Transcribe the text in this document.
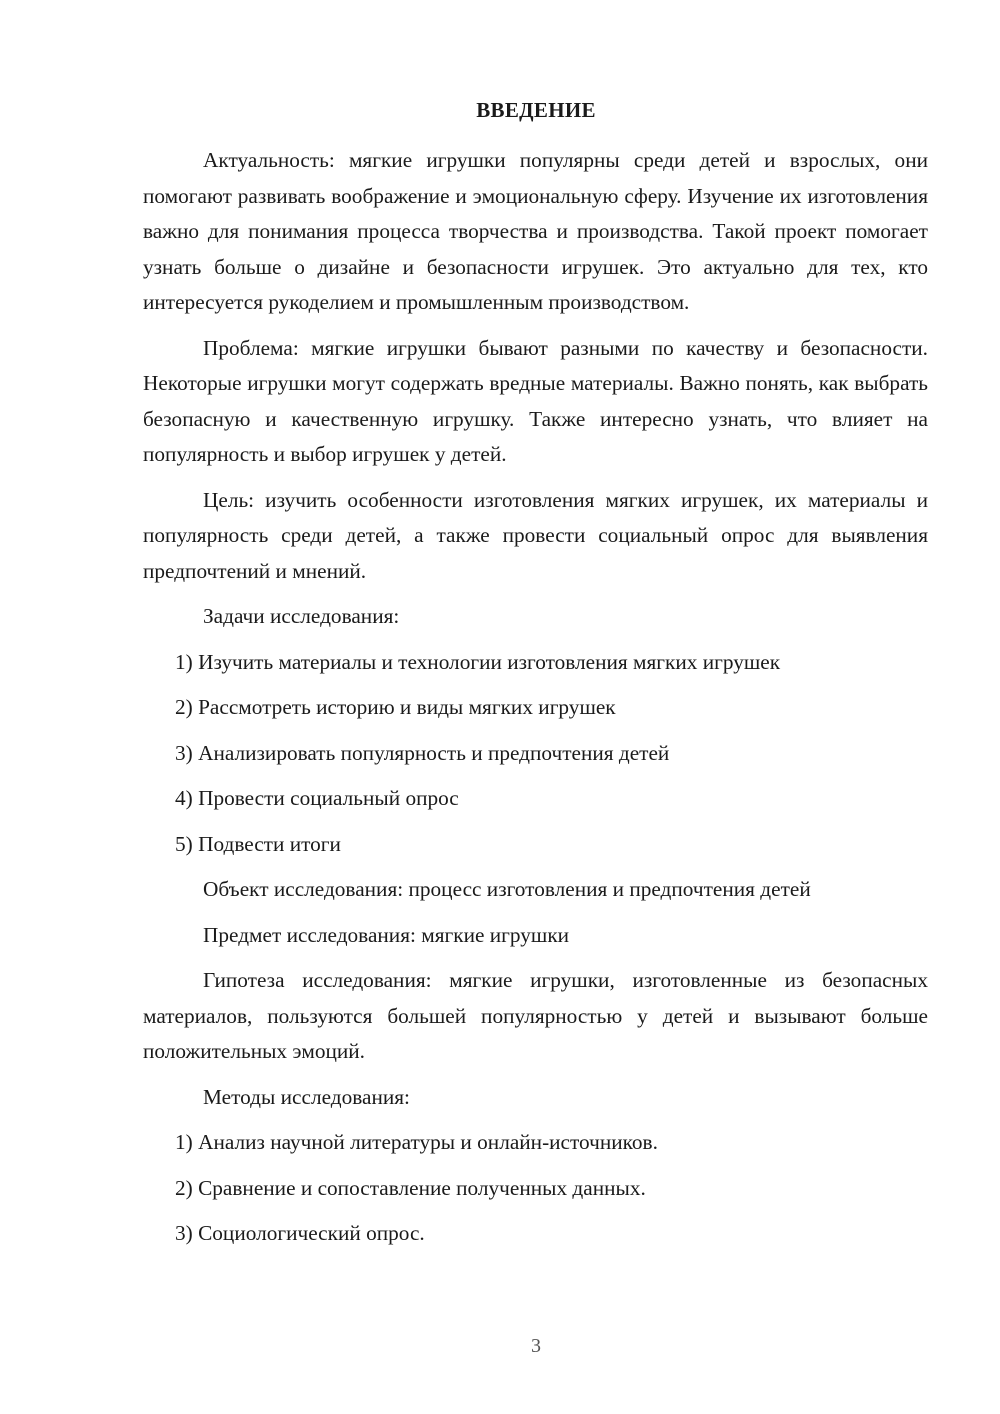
ВВЕДЕНИЕ

Актуальность: мягкие игрушки популярны среди детей и взрослых, они помогают развивать воображение и эмоциональную сферу. Изучение их изготовления важно для понимания процесса творчества и производства. Такой проект помогает узнать больше о дизайне и безопасности игрушек. Это актуально для тех, кто интересуется рукоделием и промышленным производством.

Проблема: мягкие игрушки бывают разными по качеству и безопасности. Некоторые игрушки могут содержать вредные материалы. Важно понять, как выбрать безопасную и качественную игрушку. Также интересно узнать, что влияет на популярность и выбор игрушек у детей.

Цель: изучить особенности изготовления мягких игрушек, их материалы и популярность среди детей, а также провести социальный опрос для выявления предпочтений и мнений.

Задачи исследования:
1) Изучить материалы и технологии изготовления мягких игрушек
2) Рассмотреть историю и виды мягких игрушек
3) Анализировать популярность и предпочтения детей
4) Провести социальный опрос
5) Подвести итоги
Объект исследования: процесс изготовления и предпочтения детей
Предмет исследования: мягкие игрушки

Гипотеза исследования: мягкие игрушки, изготовленные из безопасных материалов, пользуются большей популярностью у детей и вызывают больше положительных эмоций.

Методы исследования:
1) Анализ научной литературы и онлайн-источников.
2) Сравнение и сопоставление полученных данных.
3) Социологический опрос.
3
